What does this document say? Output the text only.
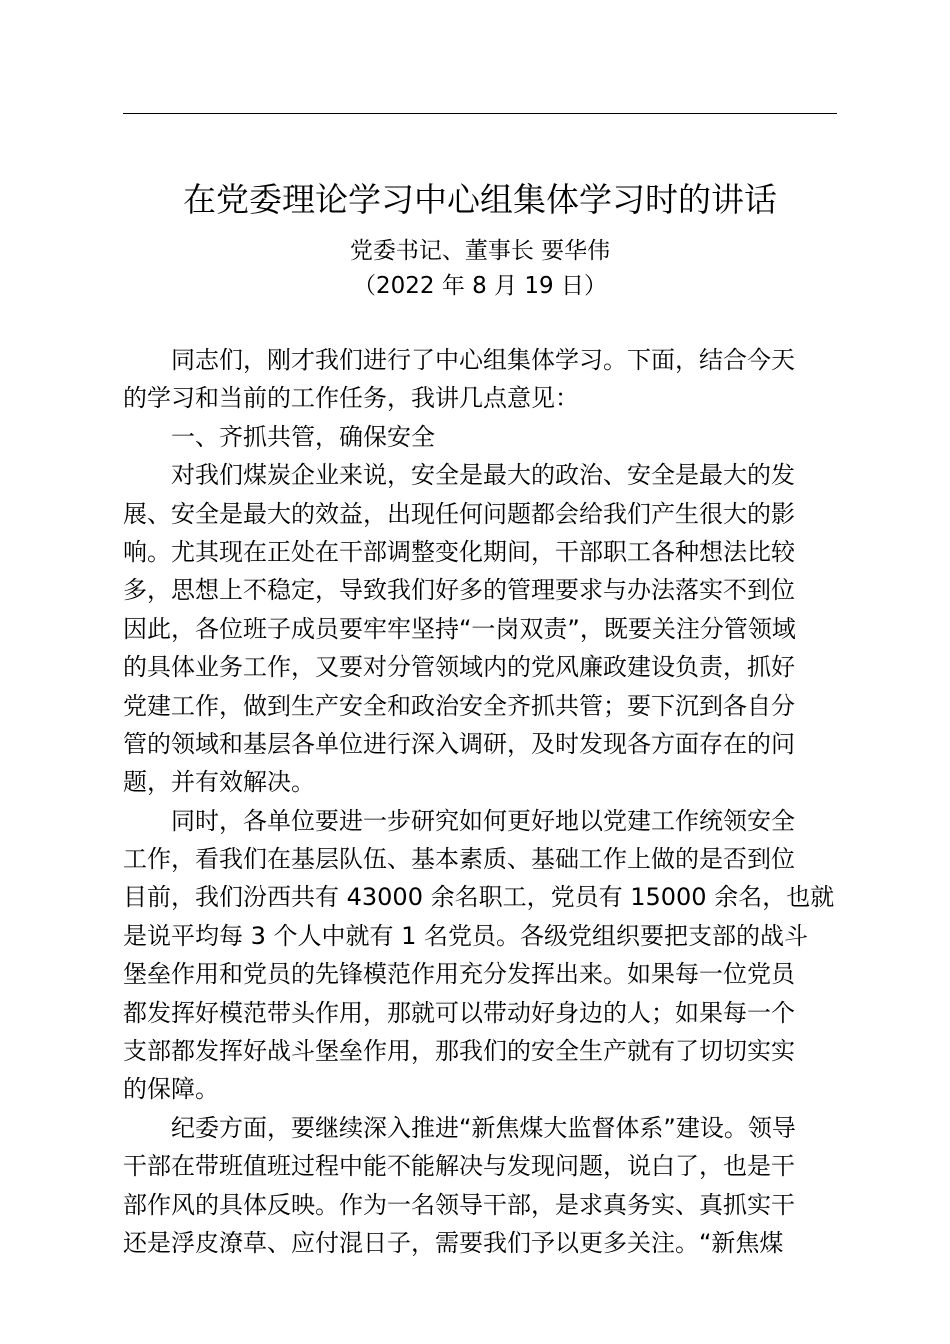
在党委理论学习中心组集体学习时的讲话
党委书记、董事长 要华伟
（2022 年 8 月 19 日）

同志们，刚才我们进行了中心组集体学习。下面，结合今天
的学习和当前的工作任务，我讲几点意见：

一、齐抓共管，确保安全

对我们煤炭企业来说，安全是最大的政治、安全是最大的发
展、安全是最大的效益，出现任何问题都会给我们产生很大的影
响。尤其现在正处在干部调整变化期间，干部职工各种想法比较
多，思想上不稳定，导致我们好多的管理要求与办法落实不到位
因此，各位班子成员要牢牢坚持“一岗双责”，既要关注分管领域
的具体业务工作，又要对分管领域内的党风廉政建设负责，抓好
党建工作，做到生产安全和政治安全齐抓共管；要下沉到各自分
管的领域和基层各单位进行深入调研，及时发现各方面存在的问
题，并有效解决。

同时，各单位要进一步研究如何更好地以党建工作统领安全
工作，看我们在基层队伍、基本素质、基础工作上做的是否到位
目前，我们汾西共有 43000 余名职工，党员有 15000 余名，也就
是说平均每 3 个人中就有 1 名党员。各级党组织要把支部的战斗
堡垒作用和党员的先锋模范作用充分发挥出来。如果每一位党员
都发挥好模范带头作用，那就可以带动好身边的人；如果每一个
支部都发挥好战斗堡垒作用，那我们的安全生产就有了切切实实
的保障。

纪委方面，要继续深入推进“新焦煤大监督体系”建设。领导
干部在带班值班过程中能不能解决与发现问题，说白了，也是干
部作风的具体反映。作为一名领导干部，是求真务实、真抓实干
还是浮皮潦草、应付混日子，需要我们予以更多关注。“新焦煤
